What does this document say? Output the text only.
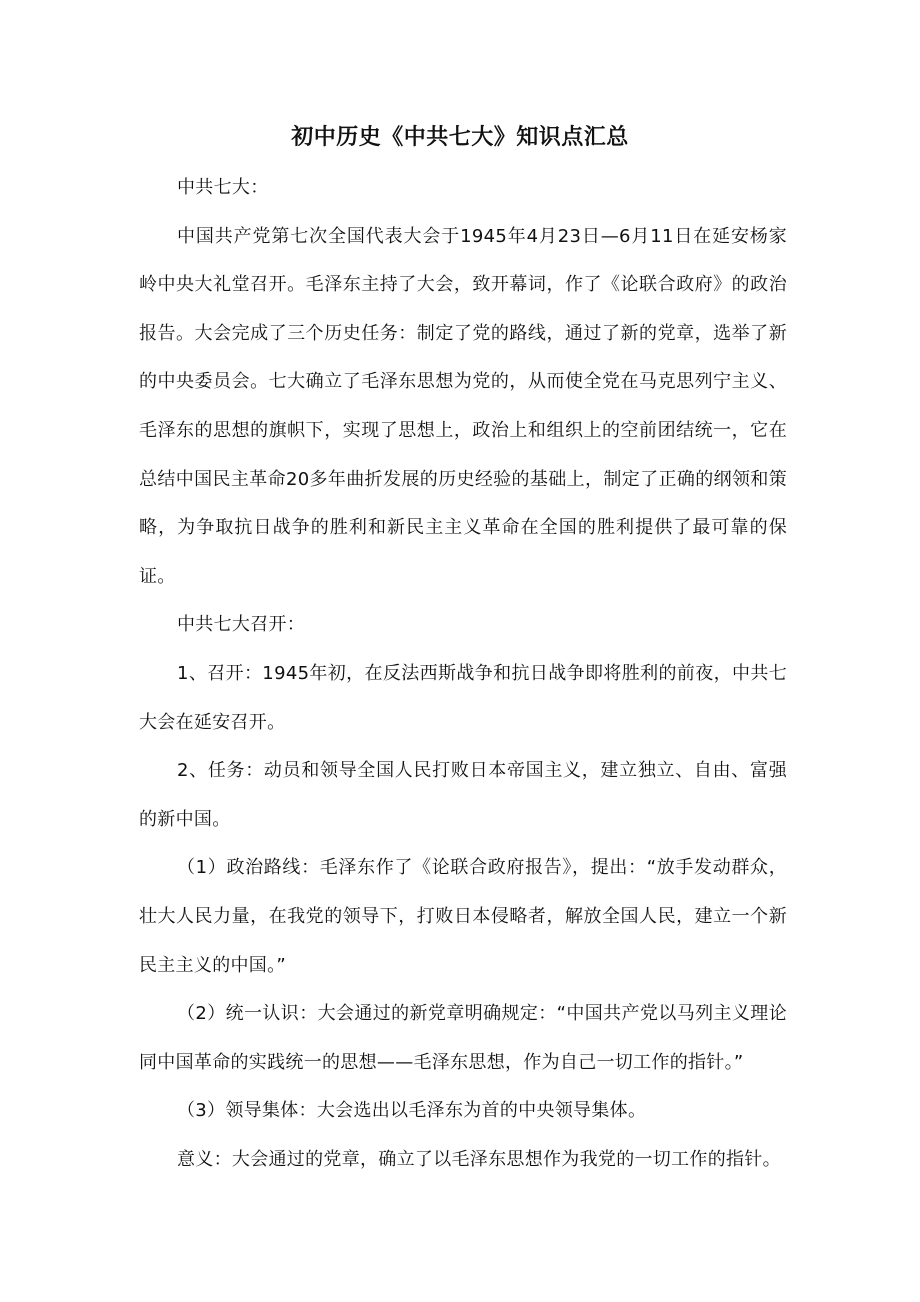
初中历史《中共七大》知识点汇总

中共七大：

中国共产党第七次全国代表大会于1945年4月23日—6月11日在延安杨家岭中央大礼堂召开。毛泽东主持了大会，致开幕词，作了《论联合政府》的政治报告。大会完成了三个历史任务：制定了党的路线，通过了新的党章，选举了新的中央委员会。七大确立了毛泽东思想为党的，从而使全党在马克思列宁主义、毛泽东的思想的旗帜下，实现了思想上，政治上和组织上的空前团结统一，它在总结中国民主革命20多年曲折发展的历史经验的基础上，制定了正确的纲领和策略，为争取抗日战争的胜利和新民主主义革命在全国的胜利提供了最可靠的保证。

中共七大召开：

1、召开：1945年初，在反法西斯战争和抗日战争即将胜利的前夜，中共七大会在延安召开。

2、任务：动员和领导全国人民打败日本帝国主义，建立独立、自由、富强的新中国。

（1）政治路线：毛泽东作了《论联合政府报告》，提出：“放手发动群众，壮大人民力量，在我党的领导下，打败日本侵略者，解放全国人民，建立一个新民主主义的中国。”

（2）统一认识：大会通过的新党章明确规定：“中国共产党以马列主义理论同中国革命的实践统一的思想——毛泽东思想，作为自己一切工作的指针。”

（3）领导集体：大会选出以毛泽东为首的中央领导集体。

意义：大会通过的党章，确立了以毛泽东思想作为我党的一切工作的指针。
